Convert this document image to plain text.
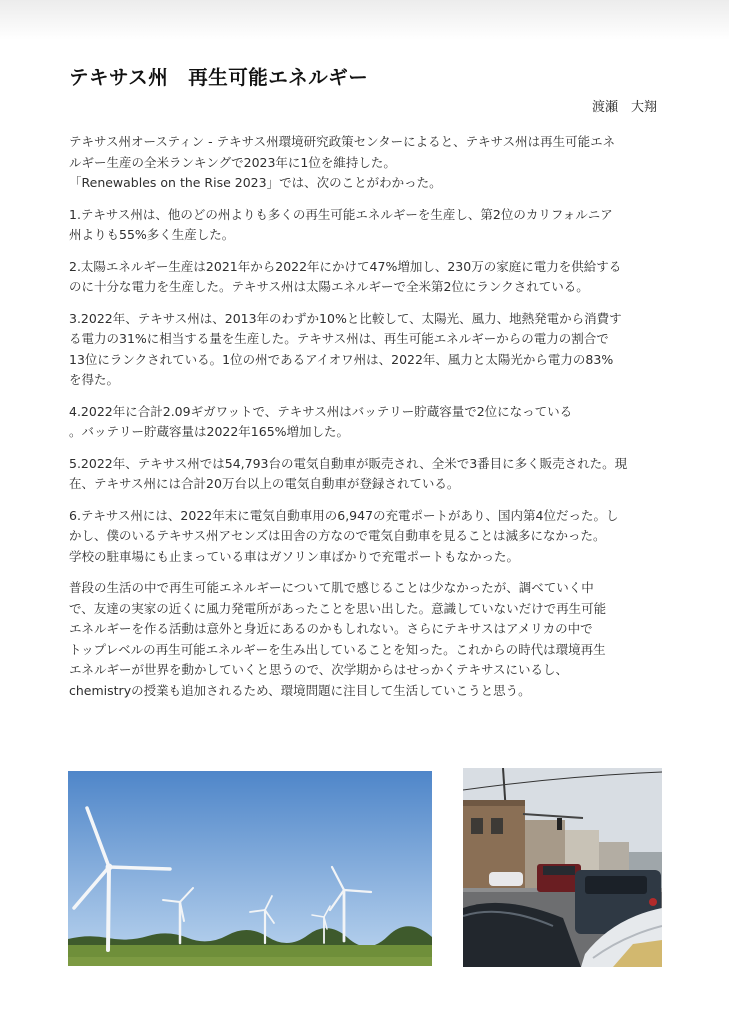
テキサス州　再生可能エネルギー
渡瀬　大翔

テキサス州オースティン - テキサス州環境研究政策センターによると、テキサス州は再生可能エネ
ルギー生産の全米ランキングで2023年に1位を維持した。
「Renewables on the Rise 2023」では、次のことがわかった。

1.テキサス州は、他のどの州よりも多くの再生可能エネルギーを生産し、第2位のカリフォルニア
州よりも55%多く生産した。

2.太陽エネルギー生産は2021年から2022年にかけて47%増加し、230万の家庭に電力を供給する
のに十分な電力を生産した。テキサス州は太陽エネルギーで全米第2位にランクされている。

3.2022年、テキサス州は、2013年のわずか10%と比較して、太陽光、風力、地熱発電から消費す
る電力の31%に相当する量を生産した。テキサス州は、再生可能エネルギーからの電力の割合で
13位にランクされている。1位の州であるアイオワ州は、2022年、風力と太陽光から電力の83%
を得た。

4.2022年に合計2.09ギガワットで、テキサス州はバッテリー貯蔵容量で2位になっている
。バッテリー貯蔵容量は2022年165%増加した。

5.2022年、テキサス州では54,793台の電気自動車が販売され、全米で3番目に多く販売された。現
在、テキサス州には合計20万台以上の電気自動車が登録されている。

6.テキサス州には、2022年末に電気自動車用の6,947の充電ポートがあり、国内第4位だった。し
かし、僕のいるテキサス州アセンズは田舎の方なので電気自動車を見ることは滅多になかった。
学校の駐車場にも止まっている車はガソリン車ばかりで充電ポートもなかった。

普段の生活の中で再生可能エネルギーについて肌で感じることは少なかったが、調べていく中
で、友達の実家の近くに風力発電所があったことを思い出した。意識していないだけで再生可能
エネルギーを作る活動は意外と身近にあるのかもしれない。さらにテキサスはアメリカの中で
トップレベルの再生可能エネルギーを生み出していることを知った。これからの時代は環境再生
エネルギーが世界を動かしていくと思うので、次学期からはせっかくテキサスにいるし、
chemistryの授業も追加されるため、環境問題に注目して生活していこうと思う。
